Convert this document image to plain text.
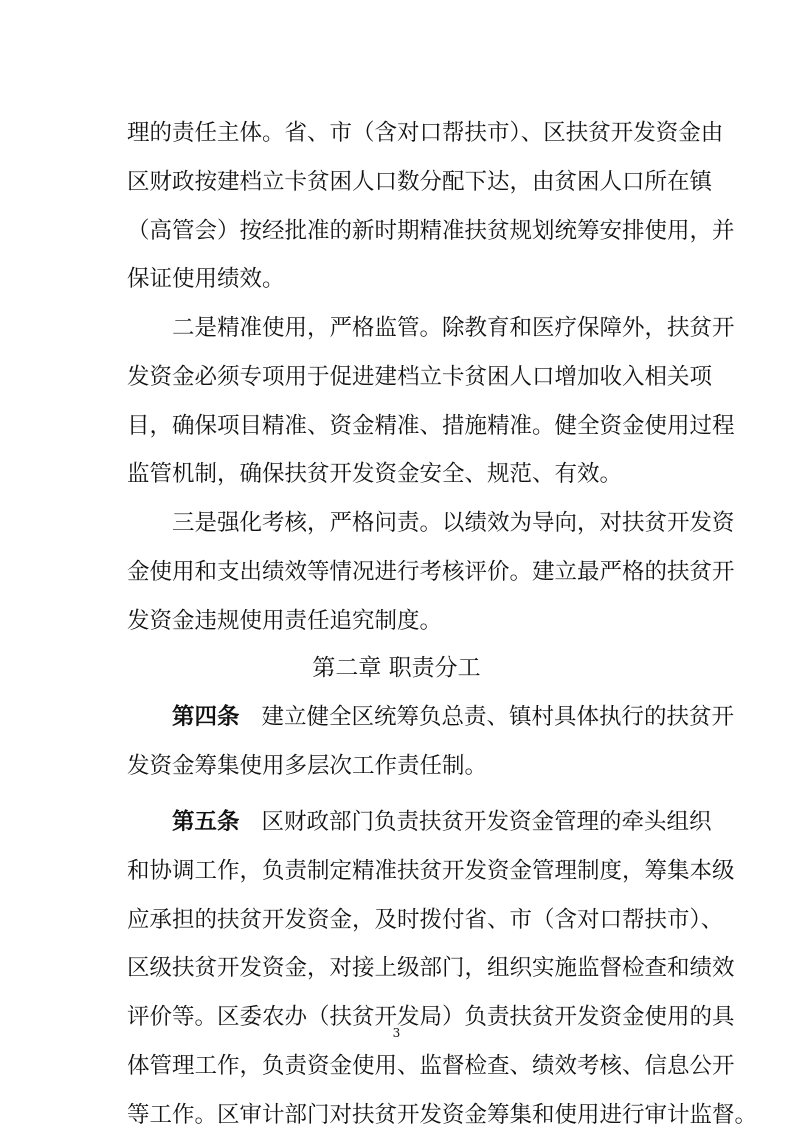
理的责任主体。省、市（含对口帮扶市）、区扶贫开发资金由
区财政按建档立卡贫困人口数分配下达，由贫困人口所在镇
（高管会）按经批准的新时期精准扶贫规划统筹安排使用，并
保证使用绩效。
二是精准使用，严格监管。除教育和医疗保障外，扶贫开
发资金必须专项用于促进建档立卡贫困人口增加收入相关项
目，确保项目精准、资金精准、措施精准。健全资金使用过程
监管机制，确保扶贫开发资金安全、规范、有效。
三是强化考核，严格问责。以绩效为导向，对扶贫开发资
金使用和支出绩效等情况进行考核评价。建立最严格的扶贫开
发资金违规使用责任追究制度。
第二章 职责分工
第四条 建立健全区统筹负总责、镇村具体执行的扶贫开
发资金筹集使用多层次工作责任制。
第五条 区财政部门负责扶贫开发资金管理的牵头组织
和协调工作，负责制定精准扶贫开发资金管理制度，筹集本级
应承担的扶贫开发资金，及时拨付省、市（含对口帮扶市）、
区级扶贫开发资金，对接上级部门，组织实施监督检查和绩效
评价等。区委农办（扶贫开发局）负责扶贫开发资金使用的具
体管理工作，负责资金使用、监督检查、绩效考核、信息公开
等工作。区审计部门对扶贫开发资金筹集和使用进行审计监督。
3
